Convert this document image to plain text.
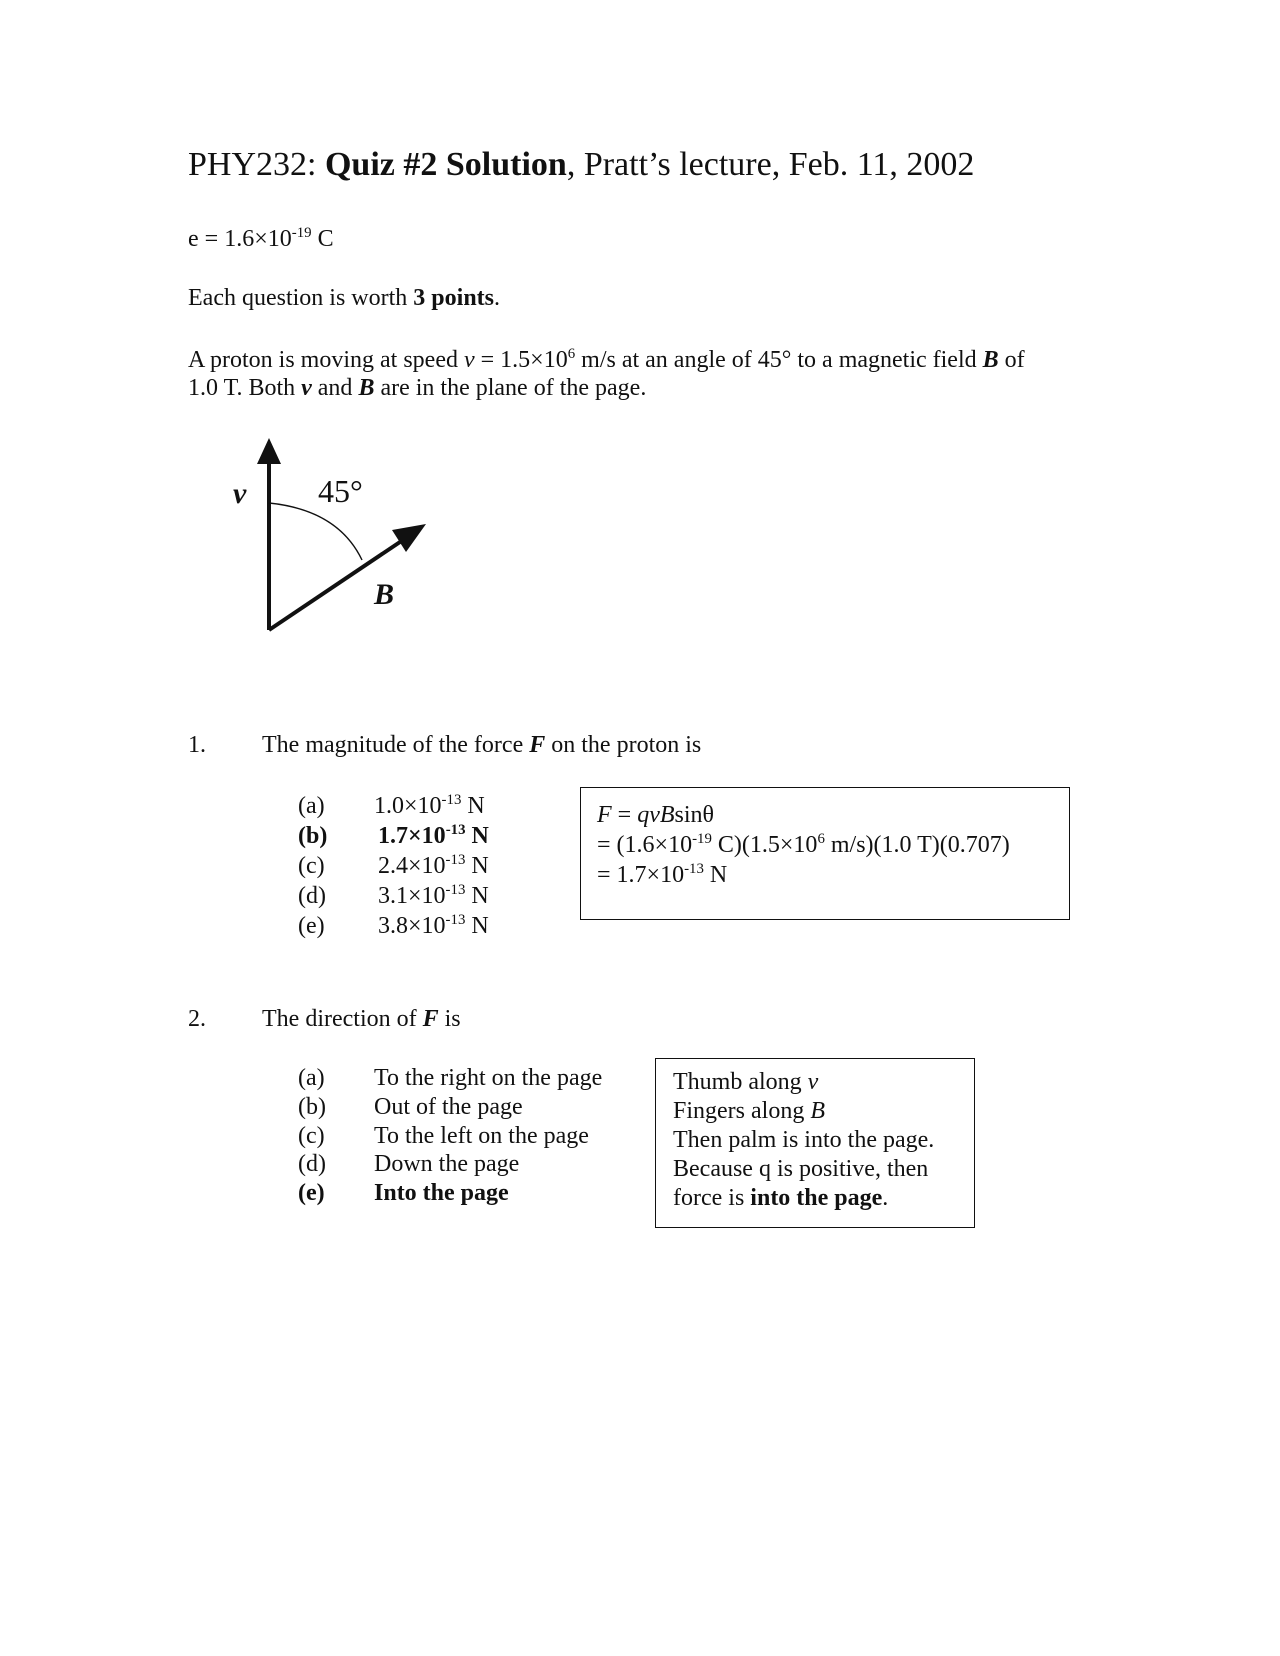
PHY232: Quiz #2 Solution, Pratt’s lecture, Feb. 11, 2002
$e = 1.6\times 10^{-19}$ C
Each question is worth 3 points.
A proton is moving at speed $v = 1.5\times 10^6$ m/s at an angle of 45° to a magnetic field B of
1.0 T. Both v and B are in the plane of the page.
v 45°
B
1. The magnitude of the force F on the proton is
(a) $1.0\times 10^{-13}$ N
(b) $1.7\times 10^{-13}$ N
(c) $2.4\times 10^{-13}$ N
(d) $3.1\times 10^{-13}$ N
(e) $3.8\times 10^{-13}$ N
F = qvBsinθ
= ($1.6\times 10^{-19}$ $C)(1.5\times 10^6$ m/s)(1.0 T)(0.707)
= $1.7\times 10^{-13}$ N
2. The direction of F is
(a) To the right on the page
(b) Out of the page
(c) To the left on the page
(d) Down the page
(e) Into the page
Thumb along v
Fingers along B
Then palm is into the page.
Because q is positive, then
force is into the page.
